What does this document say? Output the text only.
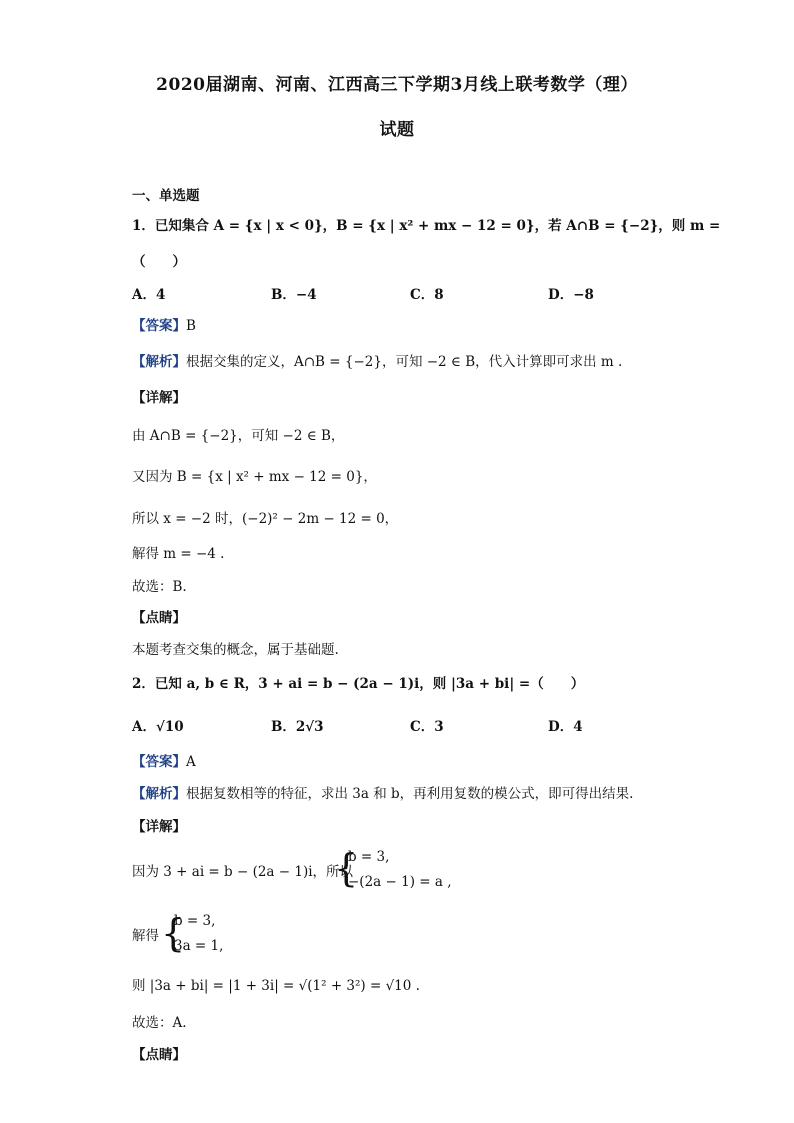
2020届湖南、河南、江西高三下学期3月线上联考数学（理）
试题
一、单选题
1．已知集合 A = {x | x < 0}，B = {x | x² + mx − 12 = 0}，若 A∩B = {−2}，则 m =
（　　）
A．4	B．−4	C．8	D．−8
【答案】B
【解析】根据交集的定义，A∩B = {−2}，可知 −2 ∈ B，代入计算即可求出 m .
【详解】
由 A∩B = {−2}，可知 −2 ∈ B，
又因为 B = {x | x² + mx − 12 = 0}，
所以 x = −2 时，(−2)² − 2m − 12 = 0，
解得 m = −4 .
故选：B.
【点睛】
本题考查交集的概念，属于基础题.
2．已知 a, b ∈ R，3 + ai = b − (2a − 1)i，则 |3a + bi| =（　　）
A．√10	B．2√3	C．3	D．4
【答案】A
【解析】根据复数相等的特征，求出 3a 和 b，再利用复数的模公式，即可得出结果.
【详解】
因为 3 + ai = b − (2a − 1)i，所以
{
b = 3,
−(2a − 1) = a ,
解得 {
b = 3,
3a = 1,
则 |3a + bi| = |1 + 3i| = √(1² + 3²) = √10 .
故选：A.
【点睛】
